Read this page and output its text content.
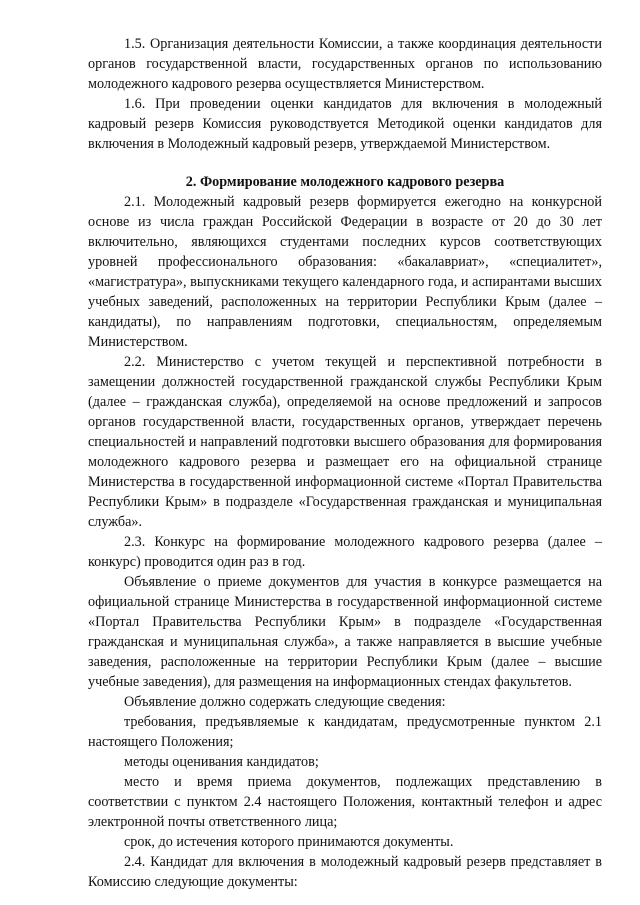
1.5. Организация деятельности Комиссии, а также координация деятельности органов государственной власти, государственных органов по использованию молодежного кадрового резерва осуществляется Министерством.

1.6. При проведении оценки кандидатов для включения в молодежный кадровый резерв Комиссия руководствуется Методикой оценки кандидатов для включения в Молодежный кадровый резерв, утверждаемой Министерством.

2. Формирование молодежного кадрового резерва

2.1. Молодежный кадровый резерв формируется ежегодно на конкурсной основе из числа граждан Российской Федерации в возрасте от 20 до 30 лет включительно, являющихся студентами последних курсов соответствующих уровней профессионального образования: «бакалавриат», «специалитет», «магистратура», выпускниками текущего календарного года, и аспирантами высших учебных заведений, расположенных на территории Республики Крым (далее – кандидаты), по направлениям подготовки, специальностям, определяемым Министерством.

2.2. Министерство с учетом текущей и перспективной потребности в замещении должностей государственной гражданской службы Республики Крым (далее – гражданская служба), определяемой на основе предложений и запросов органов государственной власти, государственных органов, утверждает перечень специальностей и направлений подготовки высшего образования для формирования молодежного кадрового резерва и размещает его на официальной странице Министерства в государственной информационной системе «Портал Правительства Республики Крым» в подразделе «Государственная гражданская и муниципальная служба».

2.3. Конкурс на формирование молодежного кадрового резерва (далее – конкурс) проводится один раз в год.

Объявление о приеме документов для участия в конкурсе размещается на официальной странице Министерства в государственной информационной системе «Портал Правительства Республики Крым» в подразделе «Государственная гражданская и муниципальная служба», а также направляется в высшие учебные заведения, расположенные на территории Республики Крым (далее – высшие учебные заведения), для размещения на информационных стендах факультетов.

Объявление должно содержать следующие сведения:

требования, предъявляемые к кандидатам, предусмотренные пунктом 2.1 настоящего Положения;

методы оценивания кандидатов;

место и время приема документов, подлежащих представлению в соответствии с пунктом 2.4 настоящего Положения, контактный телефон и адрес электронной почты ответственного лица;

срок, до истечения которого принимаются документы.

2.4. Кандидат для включения в молодежный кадровый резерв представляет в Комиссию следующие документы:
